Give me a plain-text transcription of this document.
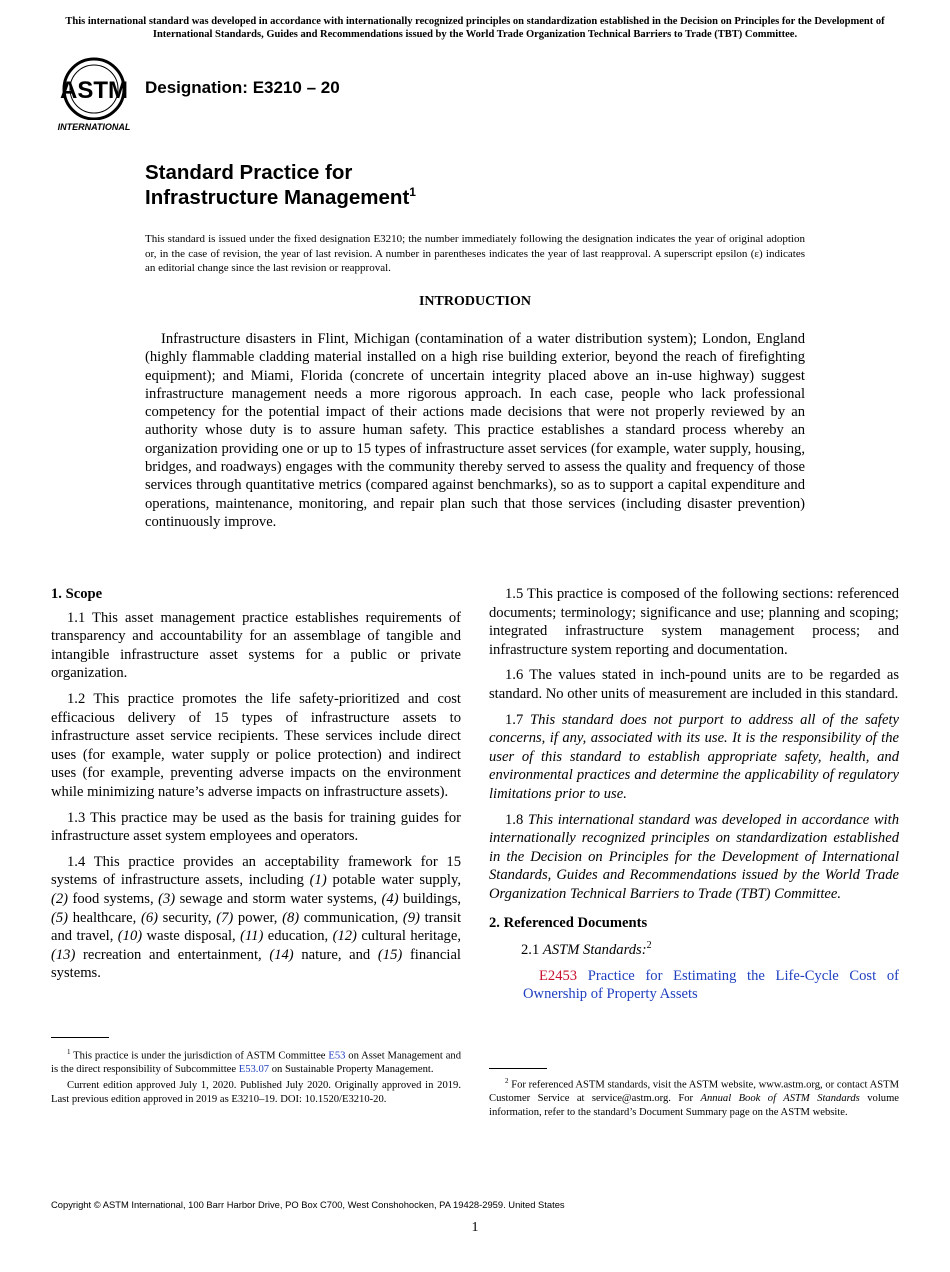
This international standard was developed in accordance with internationally recognized principles on standardization established in the Decision on Principles for the Development of International Standards, Guides and Recommendations issued by the World Trade Organization Technical Barriers to Trade (TBT) Committee.
ASTM
INTERNATIONAL
Designation: E3210 – 20
Standard Practice for
Infrastructure Management$^1$
This standard is issued under the fixed designation E3210; the number immediately following the designation indicates the year of original adoption or, in the case of revision, the year of last revision. A number in parentheses indicates the year of last reapproval. A superscript epsilon (ε) indicates an editorial change since the last revision or reapproval.
INTRODUCTION

Infrastructure disasters in Flint, Michigan (contamination of a water distribution system); London, England (highly flammable cladding material installed on a high rise building exterior, beyond the reach of firefighting equipment); and Miami, Florida (concrete of uncertain integrity placed above an in-use highway) suggest infrastructure management needs a more rigorous approach. In each case, people who lack professional competency for the potential impact of their actions made decisions that were not properly reviewed by an authority whose duty is to assure human safety. This practice establishes a standard process whereby an organization providing one or up to 15 types of infrastructure asset services (for example, water supply, housing, bridges, and roadways) engages with the community thereby served to assess the quality and frequency of those services through quantitative metrics (compared against benchmarks), so as to support a capital expenditure and operations, maintenance, monitoring, and repair plan such that those services (including disaster prevention) continuously improve.

1. Scope

1.1 This asset management practice establishes requirements of transparency and accountability for an assemblage of tangible and intangible infrastructure asset systems for a public or private organization.

1.2 This practice promotes the life safety-prioritized and cost efficacious delivery of 15 types of infrastructure assets to infrastructure asset service recipients. These services include direct uses (for example, water supply or police protection) and indirect uses (for example, preventing adverse impacts on the environment while minimizing nature’s adverse impacts on infrastructure assets).

1.3 This practice may be used as the basis for training guides for infrastructure asset system employees and operators.

1.4 This practice provides an acceptability framework for 15 systems of infrastructure assets, including (1) potable water supply, (2) food systems, (3) sewage and storm water systems, (4) buildings, (5) healthcare, (6) security, (7) power, (8) communication, (9) transit and travel, (10) waste disposal, (11) education, (12) cultural heritage, (13) recreation and entertainment, (14) nature, and (15) financial systems.

$^1$ This practice is under the jurisdiction of ASTM Committee E53 on Asset Management and is the direct responsibility of Subcommittee E53.07 on Sustainable Property Management.

Current edition approved July 1, 2020. Published July 2020. Originally approved in 2019. Last previous edition approved in 2019 as E3210–19. DOI: 10.1520/E3210-20.

1.5 This practice is composed of the following sections: referenced documents; terminology; significance and use; planning and scoping; integrated infrastructure system management process; and infrastructure system reporting and documentation.

1.6 The values stated in inch-pound units are to be regarded as standard. No other units of measurement are included in this standard.

1.7 This standard does not purport to address all of the safety concerns, if any, associated with its use. It is the responsibility of the user of this standard to establish appropriate safety, health, and environmental practices and determine the applicability of regulatory limitations prior to use.

1.8 This international standard was developed in accordance with internationally recognized principles on standardization established in the Decision on Principles for the Development of International Standards, Guides and Recommendations issued by the World Trade Organization Technical Barriers to Trade (TBT) Committee.

2. Referenced Documents

2.1 ASTM Standards:$^2$

E2453 Practice for Estimating the Life-Cycle Cost of Ownership of Property Assets

$^2$ For referenced ASTM standards, visit the ASTM website, www.astm.org, or contact ASTM Customer Service at service@astm.org. For Annual Book of ASTM Standards volume information, refer to the standard’s Document Summary page on the ASTM website.

Copyright © ASTM International, 100 Barr Harbor Drive, PO Box C700, West Conshohocken, PA 19428-2959. United States
1
